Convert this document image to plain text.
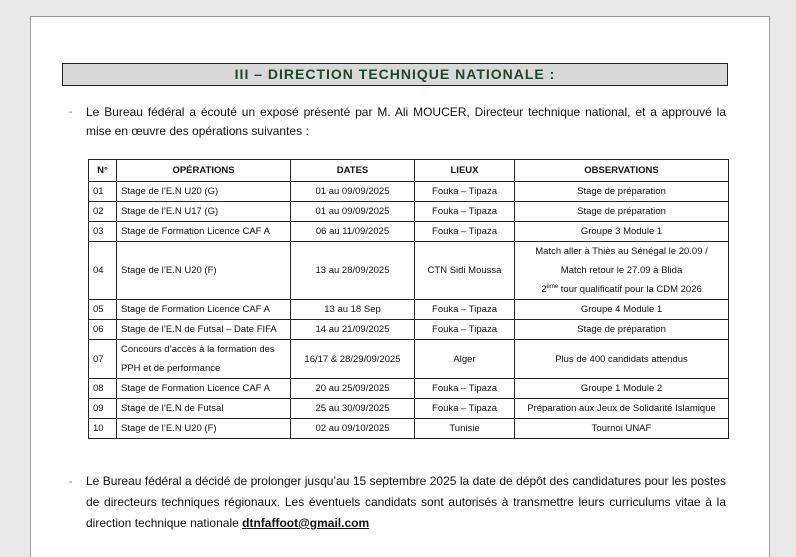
III – DIRECTION TECHNIQUE NATIONALE :
- Le Bureau fédéral a écouté un exposé présenté par M. Ali MOUCER, Directeur technique national, et a approuvé la mise en œuvre des opérations suivantes :
N°	OPÉRATIONS	DATES	LIEUX	OBSERVATIONS
01	Stage de l’E.N U20 (G)	01 au 09/09/2025	Fouka – Tipaza	Stage de préparation
02	Stage de l’E.N U17 (G)	01 au 09/09/2025	Fouka – Tipaza	Stage de préparation
03	Stage de Formation Licence CAF A	06 au 11/09/2025	Fouka – Tipaza	Groupe 3 Module 1
04	Stage de l’E.N U20 (F)	13 au 28/09/2025	CTN Sidi Moussa	Match aller à Thiès au Sénégal le 20.09 /
Match retour le 27.09 à Blida
2ème tour qualificatif pour la CDM 2026

05	Stage de Formation Licence CAF A	13 au 18 Sep	Fouka – Tipaza	Groupe 4 Module 1
06	Stage de l’E.N de Futsal – Date FIFA	14 au 21/09/2025	Fouka – Tipaza	Stage de préparation
07	Concours d’accès à la formation des
PPH et de performance	16/17 & 28/29/09/2025	Alger	Plus de 400 candidats attendus
08	Stage de Formation Licence CAF A	20 au 25/09/2025	Fouka – Tipaza	Groupe 1 Module 2
09	Stage de l’E.N de Futsal	25 au 30/09/2025	Fouka – Tipaza	Préparation aux Jeux de Solidarité Islamique
10	Stage de l’E.N U20 (F)	02 au 09/10/2025	Tunisie	Tournoi UNAF
- Le Bureau fédéral a décidé de prolonger jusqu’au 15 septembre 2025 la date de dépôt des candidatures pour les postes de directeurs techniques régionaux. Les éventuels candidats sont autorisés à transmettre leurs curriculums vitae à la direction technique nationale dtnfaffoot@gmail.com
